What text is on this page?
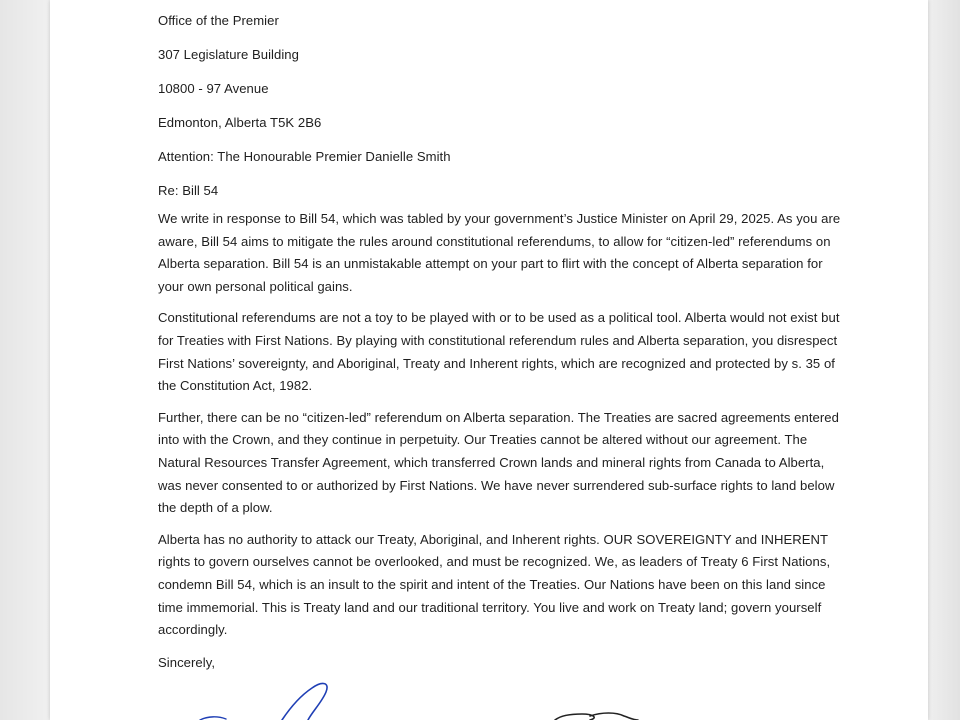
Office of the Premier
307 Legislature Building
10800 - 97 Avenue
Edmonton, Alberta T5K 2B6
Attention: The Honourable Premier Danielle Smith
Re: Bill 54

We write in response to Bill 54, which was tabled by your government’s Justice Minister on April 29, 2025. As you are aware, Bill 54 aims to mitigate the rules around constitutional referendums, to allow for “citizen-led” referendums on Alberta separation. Bill 54 is an unmistakable attempt on your part to flirt with the concept of Alberta separation for your own personal political gains.

Constitutional referendums are not a toy to be played with or to be used as a political tool. Alberta would not exist but for Treaties with First Nations. By playing with constitutional referendum rules and Alberta separation, you disrespect First Nations’ sovereignty, and Aboriginal, Treaty and Inherent rights, which are recognized and protected by s. 35 of the Constitution Act, 1982.

Further, there can be no “citizen-led” referendum on Alberta separation. The Treaties are sacred agreements entered into with the Crown, and they continue in perpetuity. Our Treaties cannot be altered without our agreement. The Natural Resources Transfer Agreement, which transferred Crown lands and mineral rights from Canada to Alberta, was never consented to or authorized by First Nations. We have never surrendered sub-surface rights to land below the depth of a plow.

Alberta has no authority to attack our Treaty, Aboriginal, and Inherent rights. OUR SOVEREIGNTY and INHERENT rights to govern ourselves cannot be overlooked, and must be recognized. We, as leaders of Treaty 6 First Nations, condemn Bill 54, which is an insult to the spirit and intent of the Treaties. Our Nations have been on this land since time immemorial. This is Treaty land and our traditional territory. You live and work on Treaty land; govern yourself accordingly.

Sincerely,
